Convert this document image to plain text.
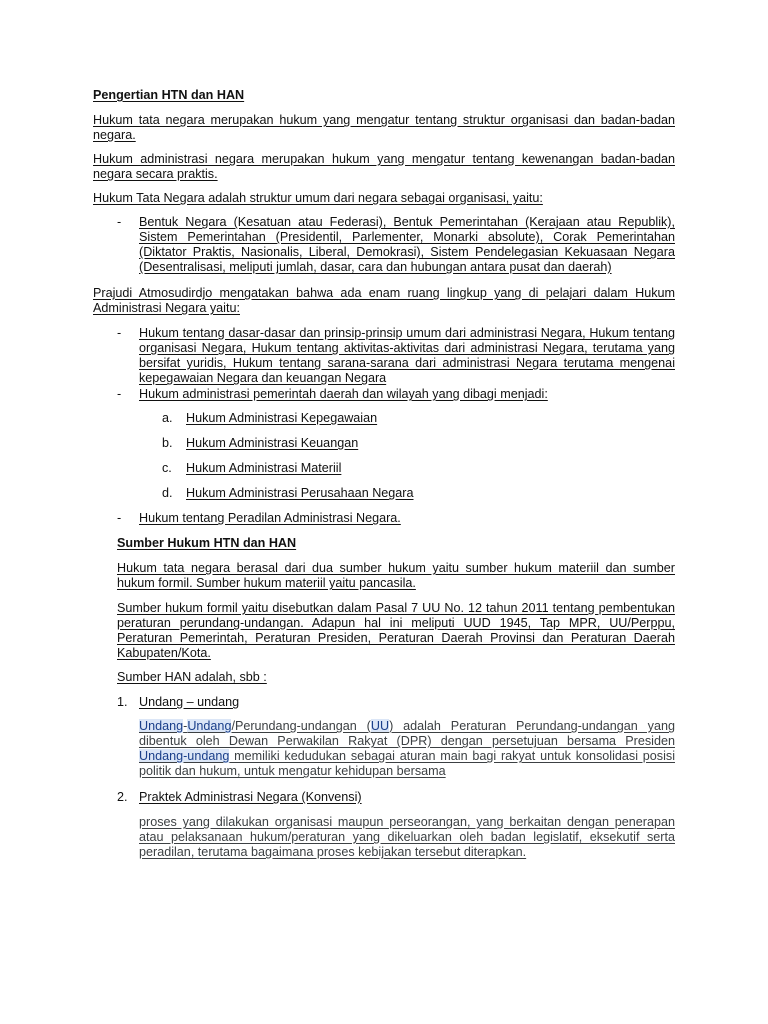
Pengertian HTN dan HAN
Hukum tata negara merupakan hukum yang mengatur tentang struktur organisasi dan badan-badan negara.
Hukum administrasi negara merupakan hukum yang mengatur tentang kewenangan badan-badan negara secara praktis.
Hukum Tata Negara adalah struktur umum dari negara sebagai organisasi, yaitu:
- Bentuk Negara (Kesatuan atau Federasi), Bentuk Pemerintahan (Kerajaan atau Republik), Sistem Pemerintahan (Presidentil, Parlementer, Monarki absolute), Corak Pemerintahan (Diktator Praktis, Nasionalis, Liberal, Demokrasi), Sistem Pendelegasian Kekuasaan Negara (Desentralisasi, meliputi jumlah, dasar, cara dan hubungan antara pusat dan daerah)
Prajudi Atmosudirdjo mengatakan bahwa ada enam ruang lingkup yang di pelajari dalam Hukum Administrasi Negara yaitu:
- Hukum tentang dasar-dasar dan prinsip-prinsip umum dari administrasi Negara, Hukum tentang organisasi Negara, Hukum tentang aktivitas-aktivitas dari administrasi Negara, terutama yang bersifat yuridis, Hukum tentang sarana-sarana dari administrasi Negara terutama mengenai kepegawaian Negara dan keuangan Negara
- Hukum administrasi pemerintah daerah dan wilayah yang dibagi menjadi:
a. Hukum Administrasi Kepegawaian
b. Hukum Administrasi Keuangan
c. Hukum Administrasi Materiil
d. Hukum Administrasi Perusahaan Negara
- Hukum tentang Peradilan Administrasi Negara.
Sumber Hukum HTN dan HAN
Hukum tata negara berasal dari dua sumber hukum yaitu sumber hukum materiil dan sumber hukum formil. Sumber hukum materiil yaitu pancasila.
Sumber hukum formil yaitu disebutkan dalam Pasal 7 UU No. 12 tahun 2011 tentang pembentukan peraturan perundang-undangan. Adapun hal ini meliputi UUD 1945, Tap MPR, UU/Perppu, Peraturan Pemerintah, Peraturan Presiden, Peraturan Daerah Provinsi dan Peraturan Daerah Kabupaten/Kota.
Sumber HAN adalah, sbb :
1. Undang – undang
Undang-Undang/Perundang-undangan (UU) adalah Peraturan Perundang-undangan yang dibentuk oleh Dewan Perwakilan Rakyat (DPR) dengan persetujuan bersama Presiden Undang-undang memiliki kedudukan sebagai aturan main bagi rakyat untuk konsolidasi posisi politik dan hukum, untuk mengatur kehidupan bersama
2. Praktek Administrasi Negara (Konvensi)
proses yang dilakukan organisasi maupun perseorangan, yang berkaitan dengan penerapan atau pelaksanaan hukum/peraturan yang dikeluarkan oleh badan legislatif, eksekutif serta peradilan, terutama bagaimana proses kebijakan tersebut diterapkan.
